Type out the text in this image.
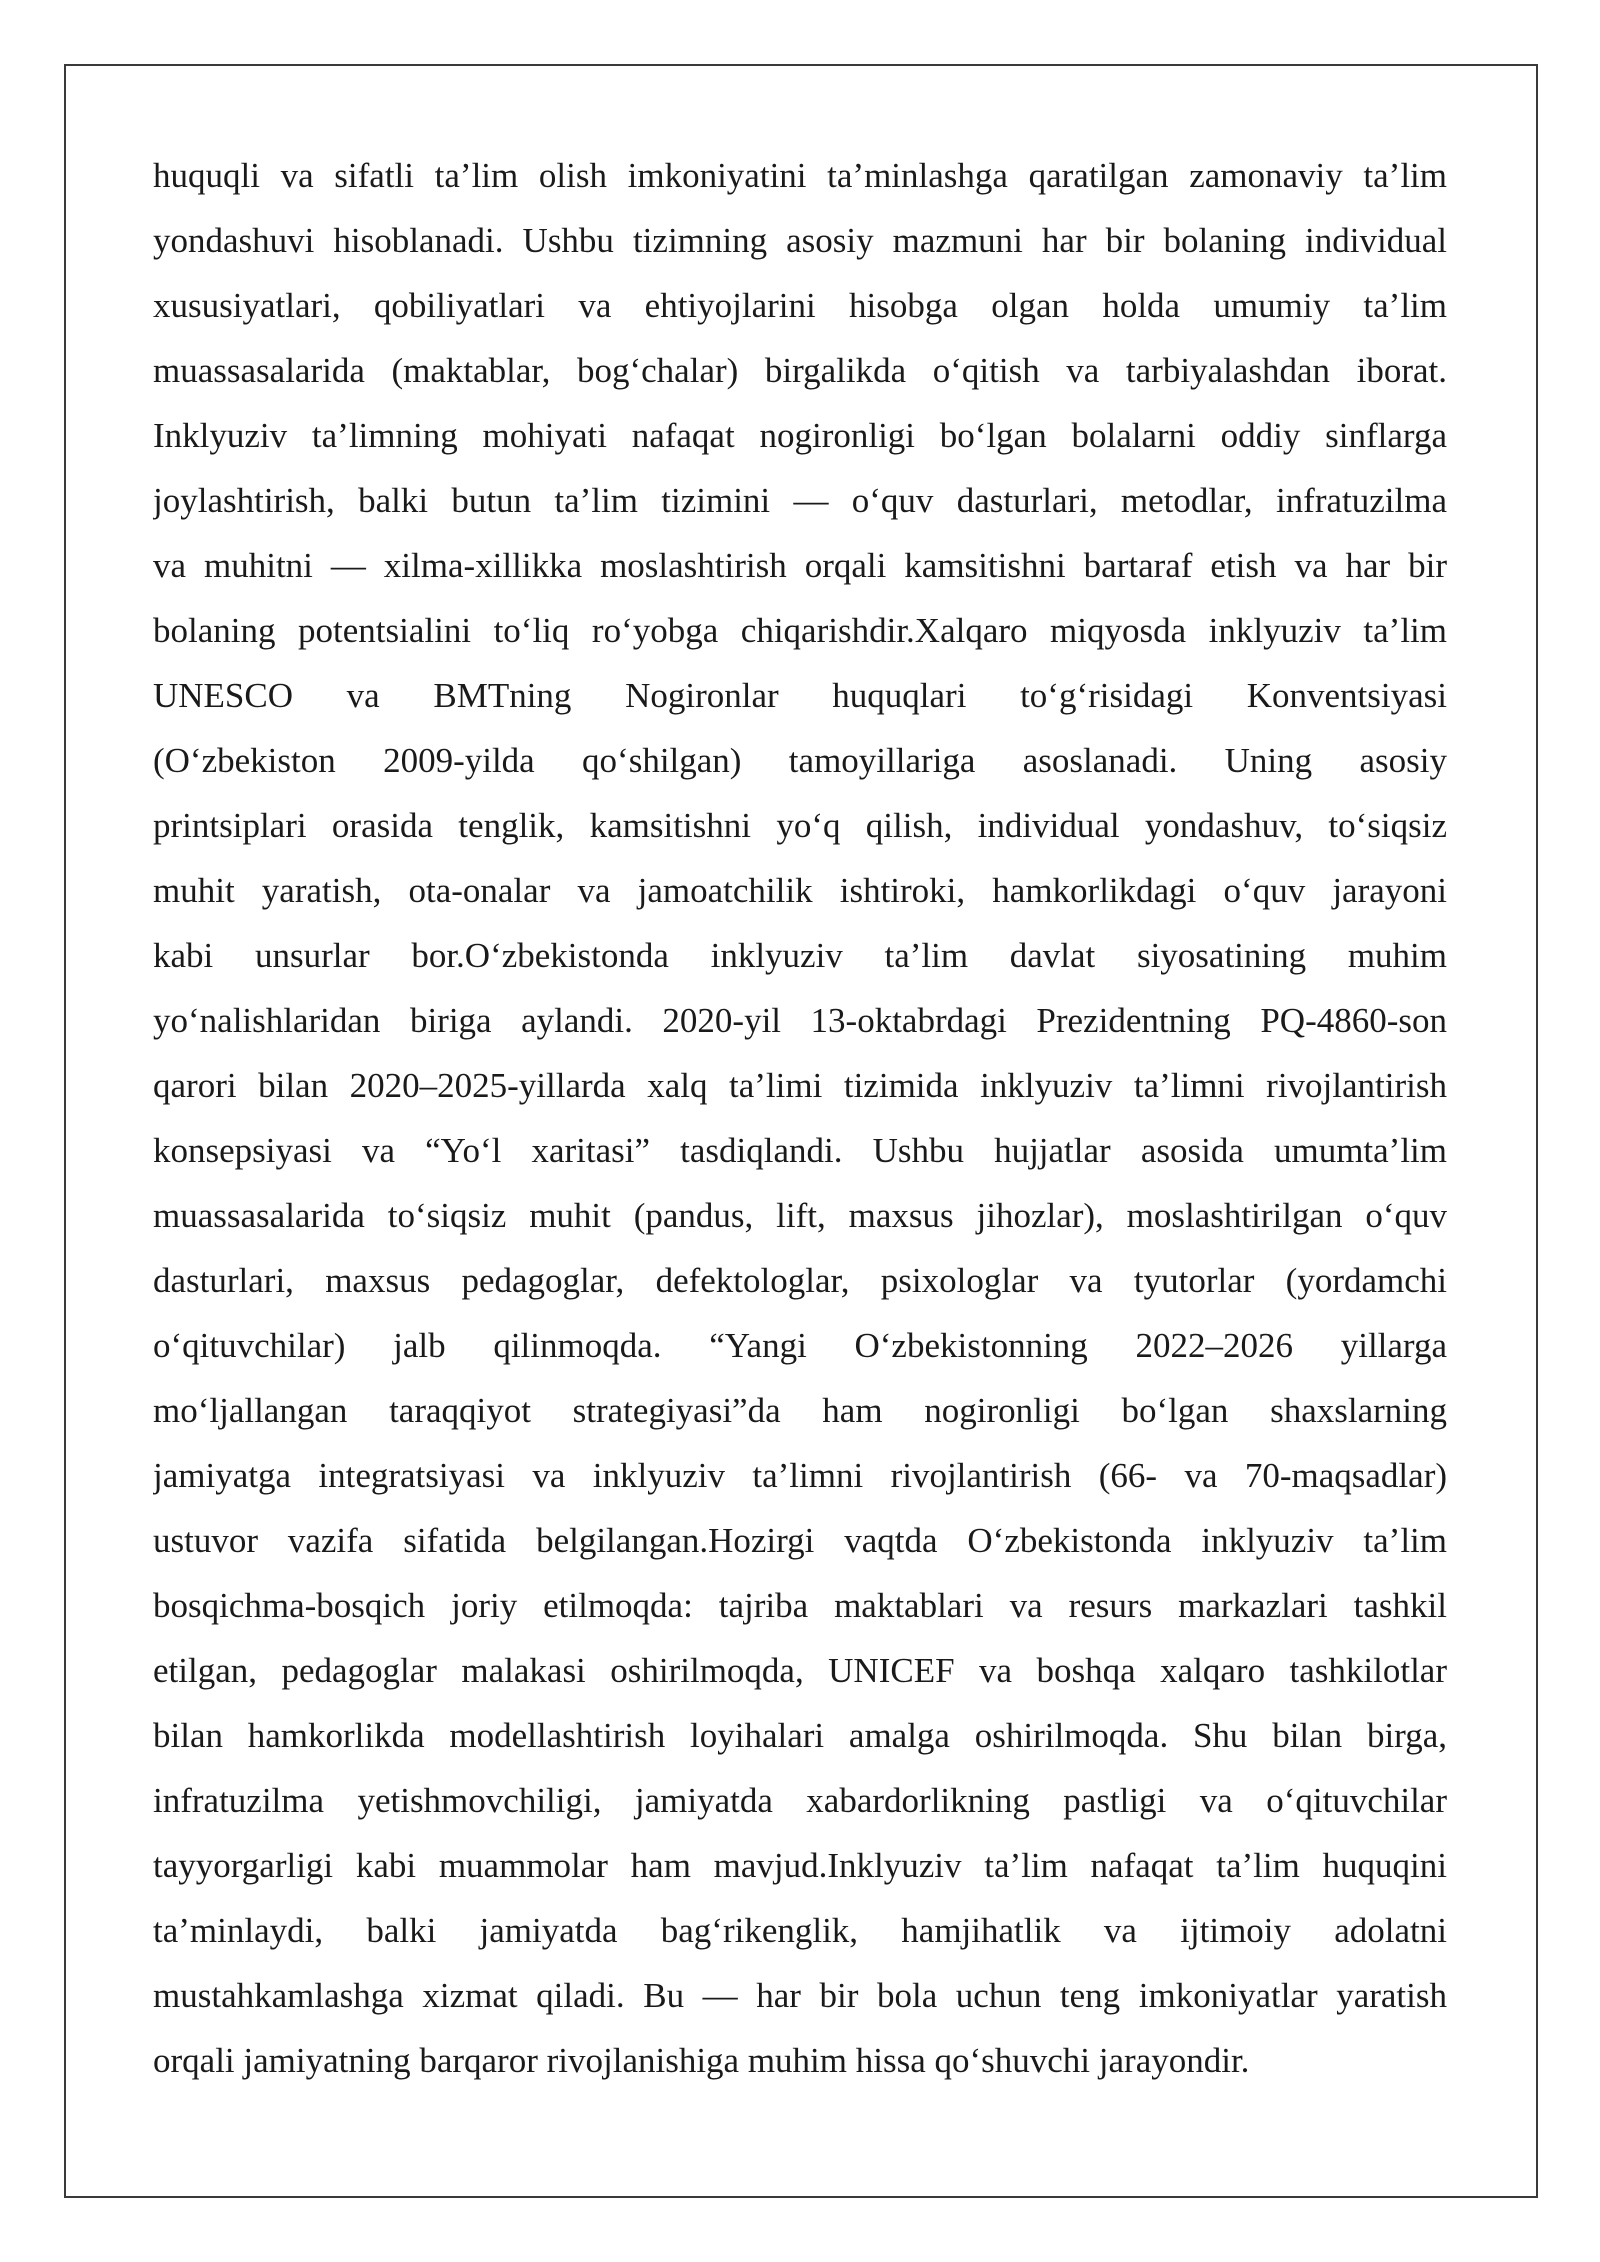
huquqli va sifatli ta’lim olish imkoniyatini ta’minlashga qaratilgan zamonaviy ta’lim
yondashuvi hisoblanadi. Ushbu tizimning asosiy mazmuni har bir bolaning individual
xususiyatlari, qobiliyatlari va ehtiyojlarini hisobga olgan holda umumiy ta’lim
muassasalarida (maktablar, bog‘chalar) birgalikda o‘qitish va tarbiyalashdan iborat.
Inklyuziv ta’limning mohiyati nafaqat nogironligi bo‘lgan bolalarni oddiy sinflarga
joylashtirish, balki butun ta’lim tizimini — o‘quv dasturlari, metodlar, infratuzilma
va muhitni — xilma-xillikka moslashtirish orqali kamsitishni bartaraf etish va har bir
bolaning potentsialini to‘liq ro‘yobga chiqarishdir.Xalqaro miqyosda inklyuziv ta’lim
UNESCO va BMTning Nogironlar huquqlari to‘g‘risidagi Konventsiyasi
(O‘zbekiston 2009-yilda qo‘shilgan) tamoyillariga asoslanadi. Uning asosiy
printsiplari orasida tenglik, kamsitishni yo‘q qilish, individual yondashuv, to‘siqsiz
muhit yaratish, ota-onalar va jamoatchilik ishtiroki, hamkorlikdagi o‘quv jarayoni
kabi unsurlar bor.O‘zbekistonda inklyuziv ta’lim davlat siyosatining muhim
yo‘nalishlaridan biriga aylandi. 2020-yil 13-oktabrdagi Prezidentning PQ-4860-son
qarori bilan 2020–2025-yillarda xalq ta’limi tizimida inklyuziv ta’limni rivojlantirish
konsepsiyasi va “Yo‘l xaritasi” tasdiqlandi. Ushbu hujjatlar asosida umumta’lim
muassasalarida to‘siqsiz muhit (pandus, lift, maxsus jihozlar), moslashtirilgan o‘quv
dasturlari, maxsus pedagoglar, defektologlar, psixologlar va tyutorlar (yordamchi
o‘qituvchilar) jalb qilinmoqda. “Yangi O‘zbekistonning 2022–2026 yillarga
mo‘ljallangan taraqqiyot strategiyasi”da ham nogironligi bo‘lgan shaxslarning
jamiyatga integratsiyasi va inklyuziv ta’limni rivojlantirish (66- va 70-maqsadlar)
ustuvor vazifa sifatida belgilangan.Hozirgi vaqtda O‘zbekistonda inklyuziv ta’lim
bosqichma-bosqich joriy etilmoqda: tajriba maktablari va resurs markazlari tashkil
etilgan, pedagoglar malakasi oshirilmoqda, UNICEF va boshqa xalqaro tashkilotlar
bilan hamkorlikda modellashtirish loyihalari amalga oshirilmoqda. Shu bilan birga,
infratuzilma yetishmovchiligi, jamiyatda xabardorlikning pastligi va o‘qituvchilar
tayyorgarligi kabi muammolar ham mavjud.Inklyuziv ta’lim nafaqat ta’lim huquqini
ta’minlaydi, balki jamiyatda bag‘rikenglik, hamjihatlik va ijtimoiy adolatni
mustahkamlashga xizmat qiladi. Bu — har bir bola uchun teng imkoniyatlar yaratish
orqali jamiyatning barqaror rivojlanishiga muhim hissa qo‘shuvchi jarayondir.
